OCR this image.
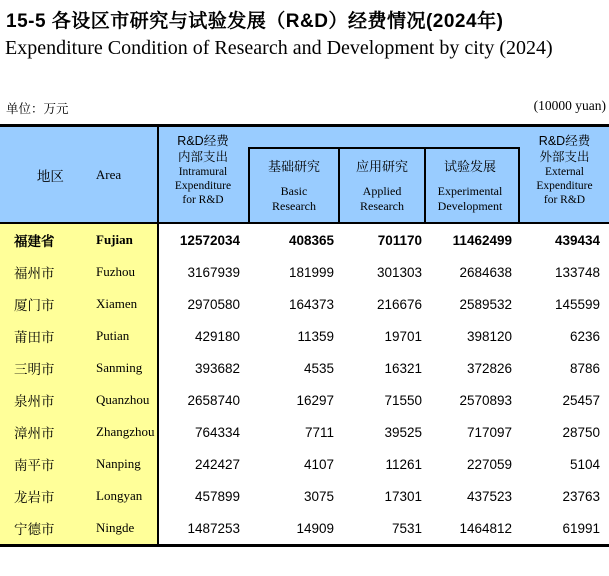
15-5 各设区市研究与试验发展（R&D）经费情况(2024年)
Expenditure Condition of Research and Development by city (2024)
单位：万元	(10000 yuan)
地区 Area
R&D经费
内部支出
Intramural
Expenditure
for R&D
基础研究
Basic
Research
应用研究
Applied
Research
试验发展
Experimental
Development
R&D经费
外部支出
External
Expenditure
for R&D
福建省	Fujian	12572034	408365	701170	11462499	439434
福州市	Fuzhou	3167939	181999	301303	2684638	133748
厦门市	Xiamen	2970580	164373	216676	2589532	145599
莆田市	Putian	429180	11359	19701	398120	6236
三明市	Sanming	393682	4535	16321	372826	8786
泉州市	Quanzhou	2658740	16297	71550	2570893	25457
漳州市	Zhangzhou	764334	7711	39525	717097	28750
南平市	Nanping	242427	4107	11261	227059	5104
龙岩市	Longyan	457899	3075	17301	437523	23763
宁德市	Ningde	1487253	14909	7531	1464812	61991
